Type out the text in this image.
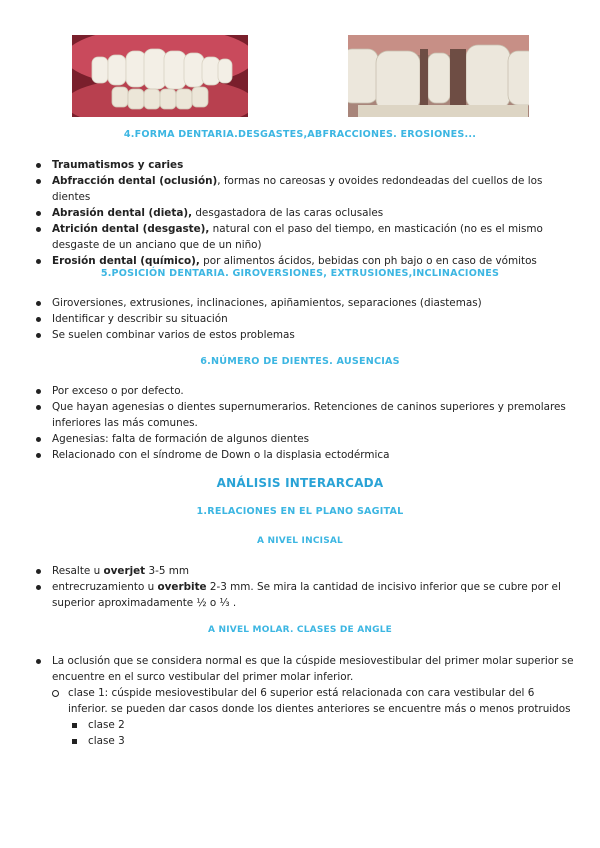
4.FORMA DENTARIA.DESGASTES,ABFRACCIONES. EROSIONES...
Traumatismos y caries
Abfracción dental (oclusión), formas no careosas y ovoides redondeadas del cuellos de los dientes
Abrasión dental (dieta), desgastadora de las caras oclusales
Atrición dental (desgaste), natural con el paso del tiempo, en masticación (no es el mismo desgaste de un anciano que de un niño)
Erosión dental (químico), por alimentos ácidos, bebidas con ph bajo o en caso de vómitos
5.POSICIÓN DENTARIA. GIROVERSIONES, EXTRUSIONES,INCLINACIONES
Giroversiones, extrusiones, inclinaciones, apiñamientos, separaciones (diastemas)
Identificar y describir su situación
Se suelen combinar varios de estos problemas
6.NÚMERO DE DIENTES. AUSENCIAS
Por exceso o por defecto.
Que hayan agenesias o dientes supernumerarios. Retenciones de caninos superiores y premolares inferiores las más comunes.
Agenesias: falta de formación de algunos dientes
Relacionado con el síndrome de Down o la displasia ectodérmica
ANÁLISIS INTERARCADA
1.RELACIONES EN EL PLANO SAGITAL
A NIVEL INCISAL
Resalte u overjet 3-5 mm
entrecruzamiento u overbite 2-3 mm. Se mira la cantidad de incisivo inferior que se cubre por el superior aproximadamente ½ o ⅓ .
A NIVEL MOLAR. CLASES DE ANGLE
La oclusión que se considera normal es que la cúspide mesiovestibular del primer molar superior se encuentre en el surco vestibular del primer molar inferior.
clase 1: cúspide mesiovestibular del 6 superior está relacionada con cara vestibular del 6 inferior. se pueden dar casos donde los dientes anteriores se encuentre más o menos protruidos
clase 2
clase 3
